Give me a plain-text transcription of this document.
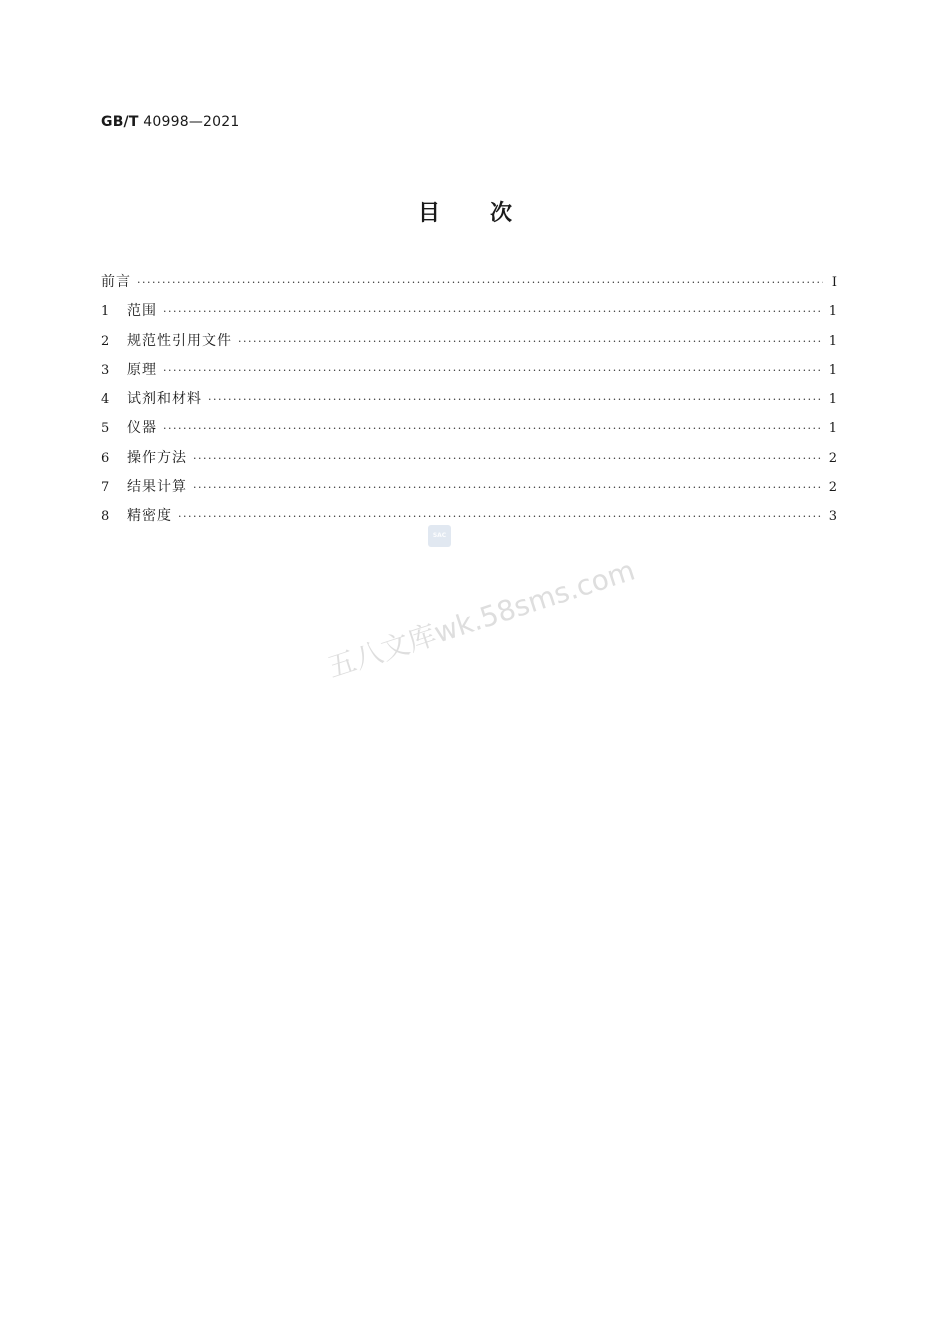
GB/T 40998—2021
目次
前言 ·····	Ⅰ
1	范围 ·····	1
2	规范性引用文件 ·····	1
3	原理 ·····	1
4	试剂和材料 ·····	1
5	仪器 ·····	1
6	操作方法 ·····	2
7	结果计算 ·····	2
8	精密度 ·····	3
SAC
五八文库wk.58sms.com
